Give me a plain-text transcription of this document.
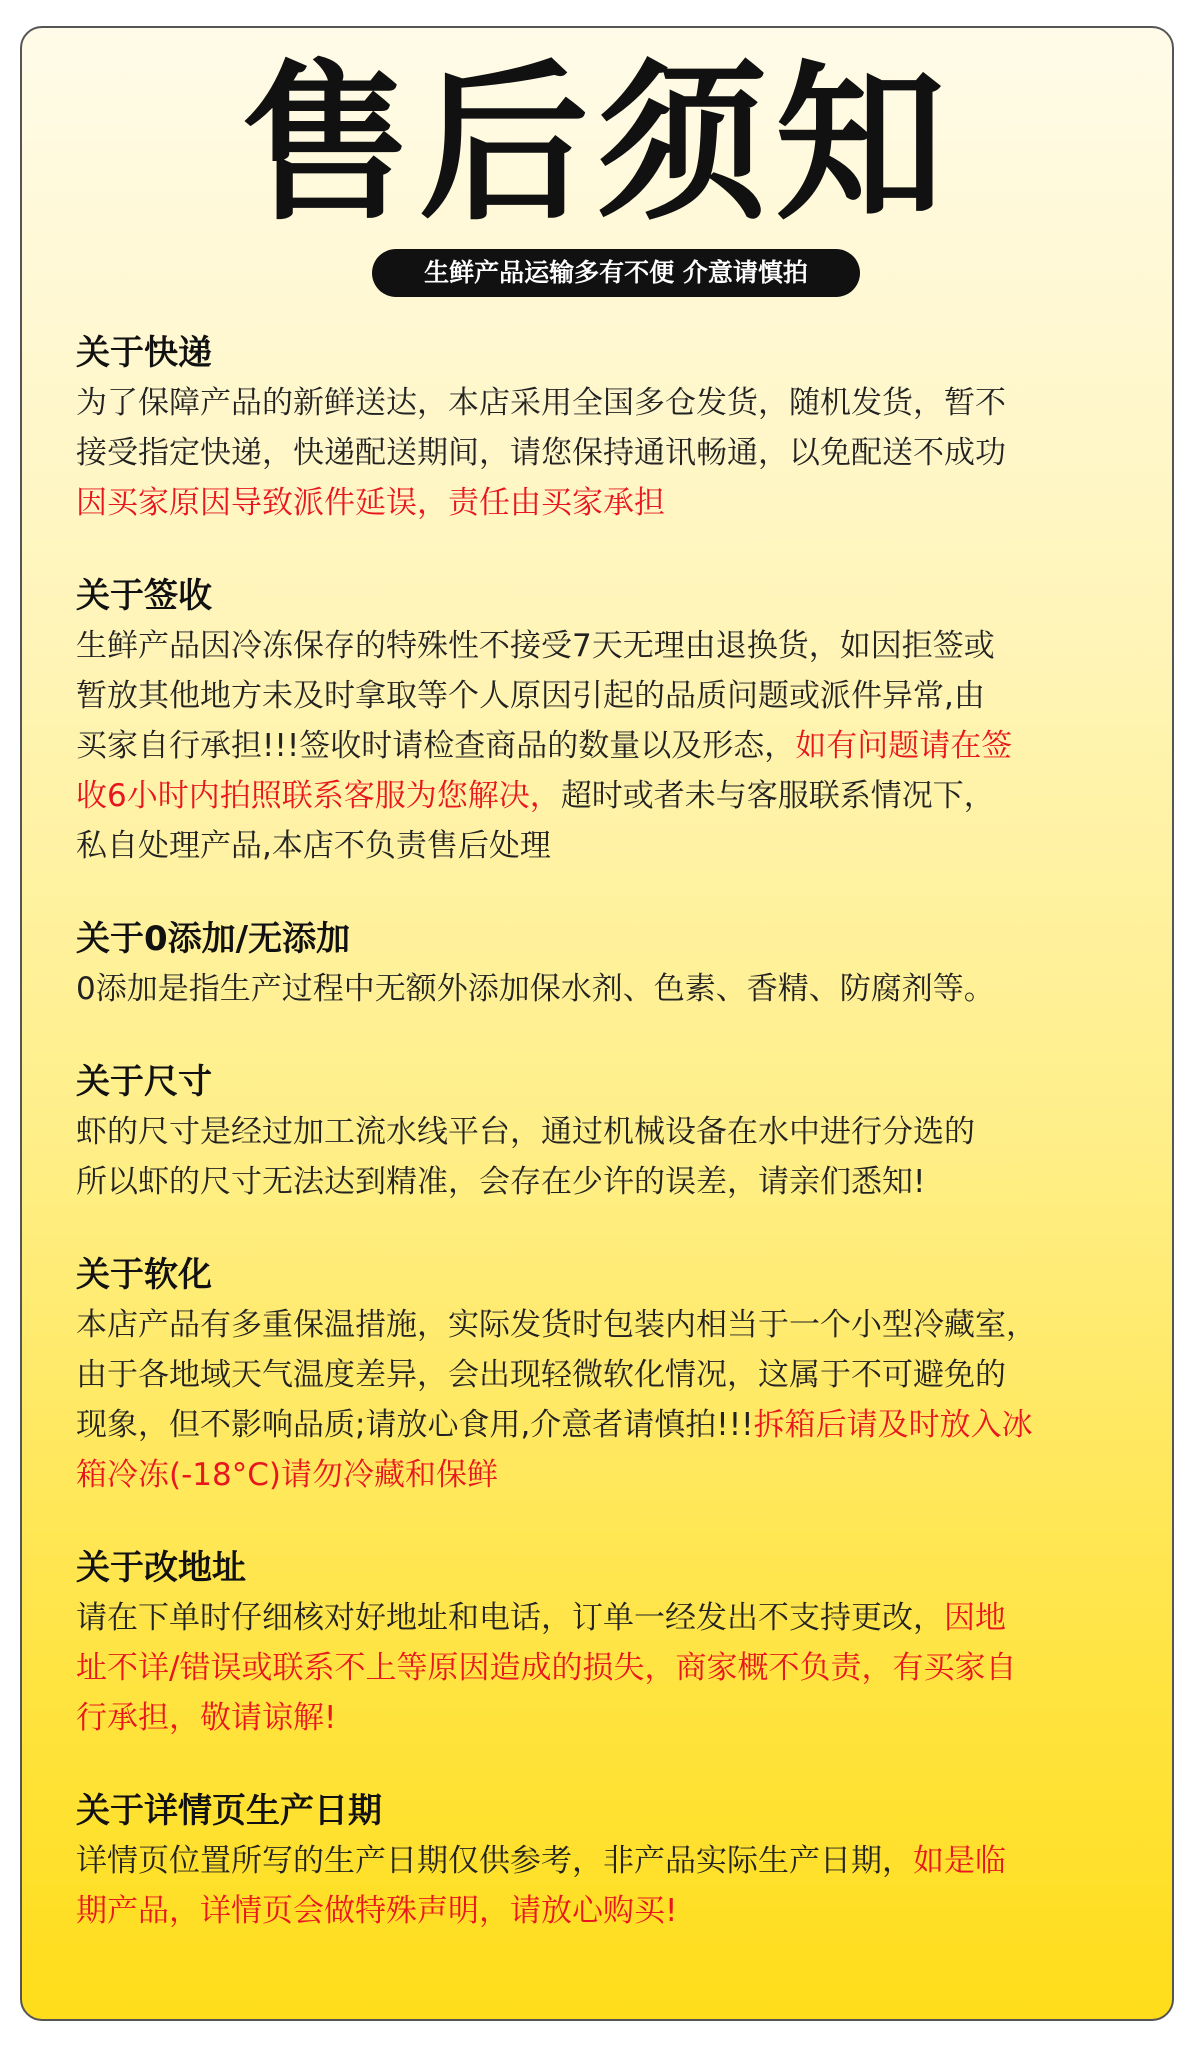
售后须知
生鲜产品运输多有不便 介意请慎拍
关于快递

为了保障产品的新鲜送达，本店采用全国多仓发货，随机发货，暂不

接受指定快递，快递配送期间，请您保持通讯畅通，以免配送不成功

因买家原因导致派件延误，责任由买家承担

关于签收

生鲜产品因冷冻保存的特殊性不接受7天无理由退换货，如因拒签或

暂放其他地方未及时拿取等个人原因引起的品质问题或派件异常,由

买家自行承担!!!签收时请检查商品的数量以及形态，如有问题请在签

收6小时内拍照联系客服为您解决，超时或者未与客服联系情况下，

私自处理产品,本店不负责售后处理

关于0添加/无添加

0添加是指生产过程中无额外添加保水剂、色素、香精、防腐剂等。

关于尺寸

虾的尺寸是经过加工流水线平台，通过机械设备在水中进行分选的

所以虾的尺寸无法达到精准，会存在少许的误差，请亲们悉知!

关于软化

本店产品有多重保温措施，实际发货时包装内相当于一个小型冷藏室，

由于各地域天气温度差异，会出现轻微软化情况，这属于不可避免的

现象，但不影响品质;请放心食用,介意者请慎拍!!!拆箱后请及时放入冰

箱冷冻(-18°C)请勿冷藏和保鲜

关于改地址

请在下单时仔细核对好地址和电话，订单一经发出不支持更改，因地

址不详/错误或联系不上等原因造成的损失，商家概不负责，有买家自

行承担，敬请谅解!

关于详情页生产日期

详情页位置所写的生产日期仅供参考，非产品实际生产日期，如是临

期产品，详情页会做特殊声明，请放心购买!
